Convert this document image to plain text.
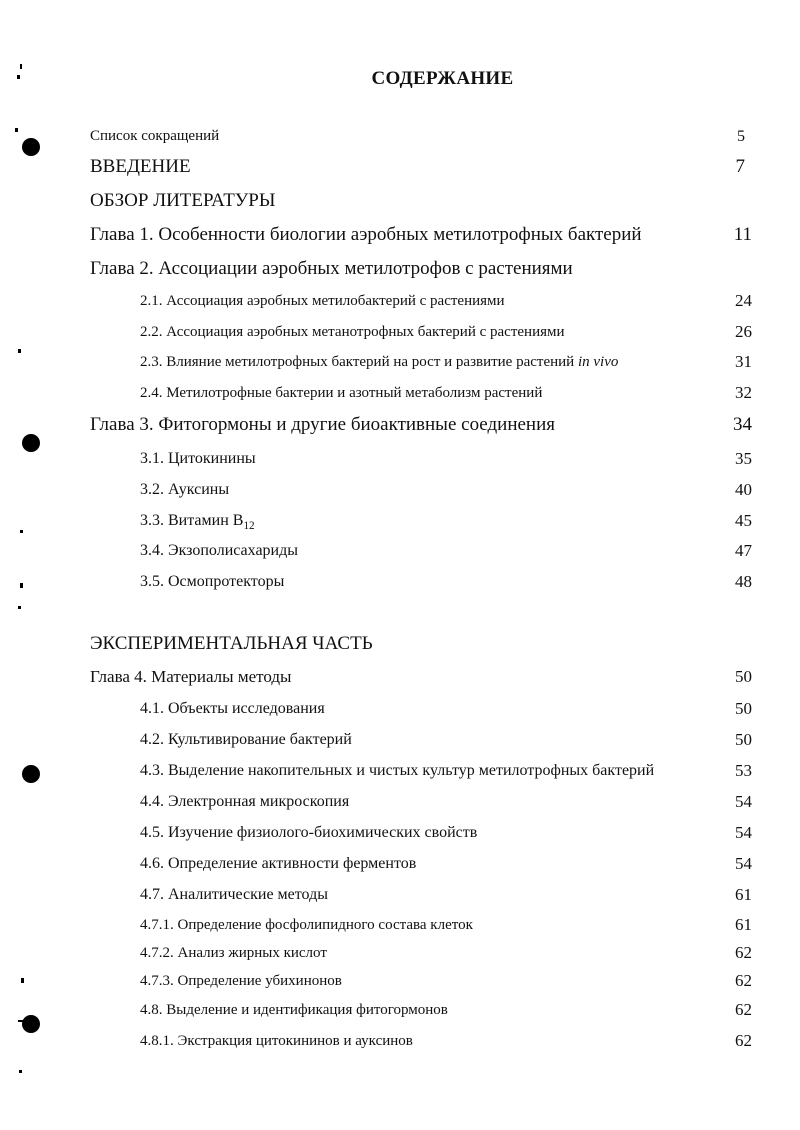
СОДЕРЖАНИЕ
Список сокращений	5
ВВЕДЕНИЕ	7
ОБЗОР ЛИТЕРАТУРЫ
Глава 1. Особенности биологии аэробных метилотрофных бактерий	11
Глава 2. Ассоциации аэробных метилотрофов с растениями
2.1. Ассоциация аэробных метилобактерий с растениями	24
2.2. Ассоциация аэробных метанотрофных бактерий с растениями	26
2.3. Влияние метилотрофных бактерий на рост и развитие растений in vivo	31
2.4. Метилотрофные бактерии и азотный метаболизм растений	32
Глава 3. Фитогормоны и другие биоактивные соединения	34
3.1. Цитокинины	35
3.2. Ауксины	40
3.3. Витамин $B_{12}$	45
3.4. Экзополисахариды	47
3.5. Осмопротекторы	48
ЭКСПЕРИМЕНТАЛЬНАЯ ЧАСТЬ
Глава 4. Материалы методы	50
4.1. Объекты исследования	50
4.2. Культивирование бактерий	50
4.3. Выделение накопительных и чистых культур метилотрофных бактерий	53
4.4. Электронная микроскопия	54
4.5. Изучение физиолого-биохимических свойств	54
4.6. Определение активности ферментов	54
4.7. Аналитические методы	61
4.7.1. Определение фосфолипидного состава клеток	61
4.7.2. Анализ жирных кислот	62
4.7.3. Определение убихинонов	62
4.8. Выделение и идентификация фитогормонов	62
4.8.1. Экстракция цитокининов и ауксинов	62
